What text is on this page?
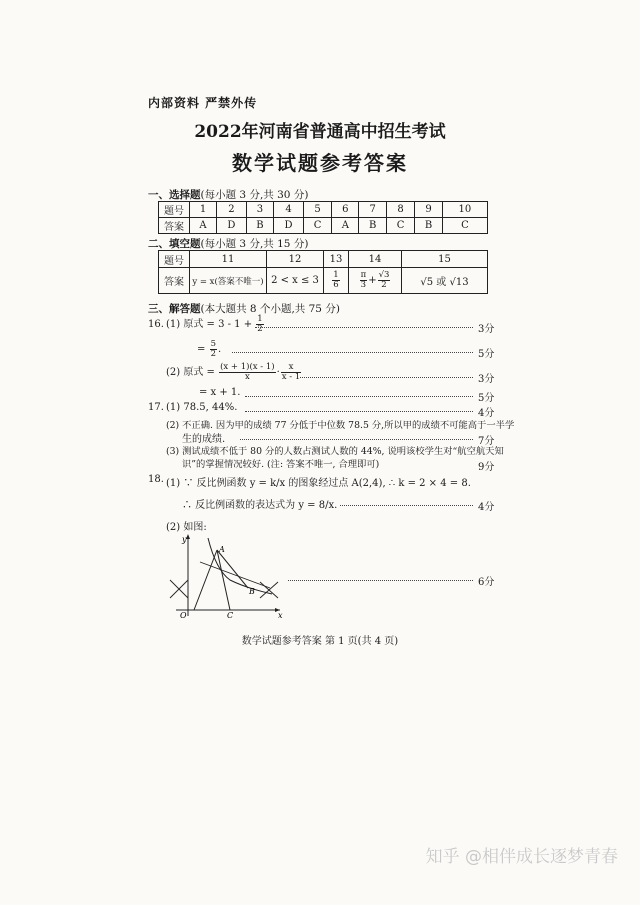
内部资料 严禁外传
2022年河南省普通高中招生考试
数学试题参考答案
一、选择题(每小题 3 分,共 30 分)
题号	1	2	3	4	5	6	7	8	9	10
答案	A	D	B	D	C	A	B	C	B	C
二、填空题(每小题 3 分,共 15 分)
题号	11	12	13	14	15
答案	y = x(答案不唯一)	2 < x ≤ 3	$\frac{1}{6}$	$\frac{\pi}{3} + \frac{√3}{2}$	√5 或 √13
三、解答题(本大题共 8 个小题,共 75 分)
16. (1) 原式 = $3 - 1 + \frac{1}{2}$	3分
= $\frac{5}{2}$ .	5分
(2) 原式 = $\frac{(x + 1)(x - 1)}{x} \cdot \frac{x}{x - 1}$	3分
= x + 1.
5分
17. (1) 78.5, 44%.
4分
(2) 不正确. 因为甲的成绩 77 分低于中位数 78.5 分,所以甲的成绩不可能高于一半学
生的成绩.	7分
(3) 测试成绩不低于 80 分的人数占测试人数的 44%, 说明该校学生对“航空航天知
识”的掌握情况较好. (注: 答案不唯一, 合理即可)	9分
18. (1) ∵ 反比例函数 y = k/x 的图象经过点 A(2,4), ∴ k = 2 × 4 = 8.
∴ 反比例函数的表达式为 y = 8/x.	4分
(2) 如图:
y
x
O
A
B
C
6分
数学试题参考答案 第 1 页(共 4 页)
知乎 @相伴成长逐梦青春
